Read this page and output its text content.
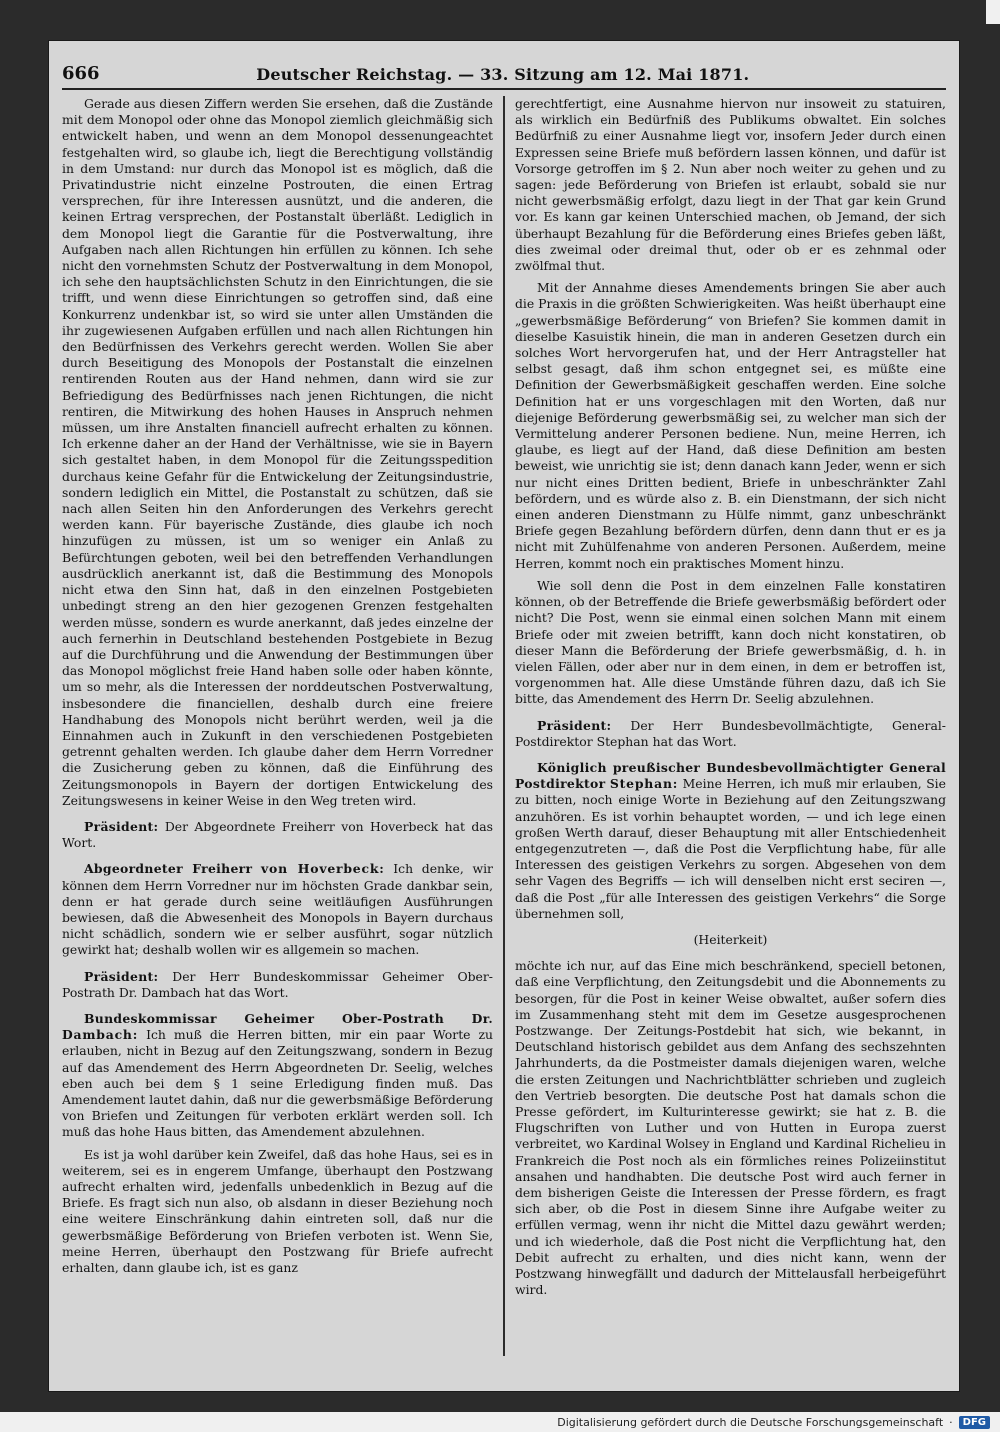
666	Deutscher Reichstag. — 33. Sitzung am 12. Mai 1871.

Gerade aus diesen Ziffern werden Sie ersehen, daß die Zustände mit dem Monopol oder ohne das Monopol ziemlich gleichmäßig sich entwickelt haben, und wenn an dem Monopol dessenungeachtet festgehalten wird, so glaube ich, liegt die Berechtigung vollständig in dem Umstand: nur durch das Monopol ist es möglich, daß die Privatindustrie nicht einzelne Postrouten, die einen Ertrag versprechen, für ihre Interessen ausnützt, und die anderen, die keinen Ertrag versprechen, der Postanstalt überläßt. Lediglich in dem Monopol liegt die Garantie für die Postverwaltung, ihre Aufgaben nach allen Richtungen hin erfüllen zu können. Ich sehe nicht den vornehmsten Schutz der Postverwaltung in dem Monopol, ich sehe den hauptsächlichsten Schutz in den Einrichtungen, die sie trifft, und wenn diese Einrichtungen so getroffen sind, daß eine Konkurrenz undenkbar ist, so wird sie unter allen Umständen die ihr zugewiesenen Aufgaben erfüllen und nach allen Richtungen hin den Bedürfnissen des Verkehrs gerecht werden. Wollen Sie aber durch Beseitigung des Monopols der Postanstalt die einzelnen rentirenden Routen aus der Hand nehmen, dann wird sie zur Befriedigung des Bedürfnisses nach jenen Richtungen, die nicht rentiren, die Mitwirkung des hohen Hauses in Anspruch nehmen müssen, um ihre Anstalten financiell aufrecht erhalten zu können. Ich erkenne daher an der Hand der Verhältnisse, wie sie in Bayern sich gestaltet haben, in dem Monopol für die Zeitungsspedition durchaus keine Gefahr für die Entwickelung der Zeitungsindustrie, sondern lediglich ein Mittel, die Postanstalt zu schützen, daß sie nach allen Seiten hin den Anforderungen des Verkehrs gerecht werden kann. Für bayerische Zustände, dies glaube ich noch hinzufügen zu müssen, ist um so weniger ein Anlaß zu Befürchtungen geboten, weil bei den betreffenden Verhandlungen ausdrücklich anerkannt ist, daß die Bestimmung des Monopols nicht etwa den Sinn hat, daß in den einzelnen Postgebieten unbedingt streng an den hier gezogenen Grenzen festgehalten werden müsse, sondern es wurde anerkannt, daß jedes einzelne der auch fernerhin in Deutschland bestehenden Postgebiete in Bezug auf die Durchführung und die Anwendung der Bestimmungen über das Monopol möglichst freie Hand haben solle oder haben könnte, um so mehr, als die Interessen der norddeutschen Postverwaltung, insbesondere die financiellen, deshalb durch eine freiere Handhabung des Monopols nicht berührt werden, weil ja die Einnahmen auch in Zukunft in den verschiedenen Postgebieten getrennt gehalten werden. Ich glaube daher dem Herrn Vorredner die Zusicherung geben zu können, daß die Einführung des Zeitungsmonopols in Bayern der dortigen Entwickelung des Zeitungswesens in keiner Weise in den Weg treten wird.

Präsident: Der Abgeordnete Freiherr von Hoverbeck hat das Wort.

Abgeordneter Freiherr von Hoverbeck: Ich denke, wir können dem Herrn Vorredner nur im höchsten Grade dankbar sein, denn er hat gerade durch seine weitläufigen Ausführungen bewiesen, daß die Abwesenheit des Monopols in Bayern durchaus nicht schädlich, sondern wie er selber ausführt, sogar nützlich gewirkt hat; deshalb wollen wir es allgemein so machen.

Präsident: Der Herr Bundeskommissar Geheimer Ober-Postrath Dr. Dambach hat das Wort.

Bundeskommissar Geheimer Ober-Postrath Dr. Dambach: Ich muß die Herren bitten, mir ein paar Worte zu erlauben, nicht in Bezug auf den Zeitungszwang, sondern in Bezug auf das Amendement des Herrn Abgeordneten Dr. Seelig, welches eben auch bei dem § 1 seine Erledigung finden muß. Das Amendement lautet dahin, daß nur die gewerbsmäßige Beförderung von Briefen und Zeitungen für verboten erklärt werden soll. Ich muß das hohe Haus bitten, das Amendement abzulehnen.

Es ist ja wohl darüber kein Zweifel, daß das hohe Haus, sei es in weiterem, sei es in engerem Umfange, überhaupt den Postzwang aufrecht erhalten wird, jedenfalls unbedenklich in Bezug auf die Briefe. Es fragt sich nun also, ob alsdann in dieser Beziehung noch eine weitere Einschränkung dahin eintreten soll, daß nur die gewerbsmäßige Beförderung von Briefen verboten ist. Wenn Sie, meine Herren, überhaupt den Postzwang für Briefe aufrecht erhalten, dann glaube ich, ist es ganz

gerechtfertigt, eine Ausnahme hiervon nur insoweit zu statuiren, als wirklich ein Bedürfniß des Publikums obwaltet. Ein solches Bedürfniß zu einer Ausnahme liegt vor, insofern Jeder durch einen Expressen seine Briefe muß befördern lassen können, und dafür ist Vorsorge getroffen im § 2. Nun aber noch weiter zu gehen und zu sagen: jede Beförderung von Briefen ist erlaubt, sobald sie nur nicht gewerbsmäßig erfolgt, dazu liegt in der That gar kein Grund vor. Es kann gar keinen Unterschied machen, ob Jemand, der sich überhaupt Bezahlung für die Beförderung eines Briefes geben läßt, dies zweimal oder dreimal thut, oder ob er es zehnmal oder zwölfmal thut.

Mit der Annahme dieses Amendements bringen Sie aber auch die Praxis in die größten Schwierigkeiten. Was heißt überhaupt eine „gewerbsmäßige Beförderung“ von Briefen? Sie kommen damit in dieselbe Kasuistik hinein, die man in anderen Gesetzen durch ein solches Wort hervorgerufen hat, und der Herr Antragsteller hat selbst gesagt, daß ihm schon entgegnet sei, es müßte eine Definition der Gewerbsmäßigkeit geschaffen werden. Eine solche Definition hat er uns vorgeschlagen mit den Worten, daß nur diejenige Beförderung gewerbsmäßig sei, zu welcher man sich der Vermittelung anderer Personen bediene. Nun, meine Herren, ich glaube, es liegt auf der Hand, daß diese Definition am besten beweist, wie unrichtig sie ist; denn danach kann Jeder, wenn er sich nur nicht eines Dritten bedient, Briefe in unbeschränkter Zahl befördern, und es würde also z. B. ein Dienstmann, der sich nicht einen anderen Dienstmann zu Hülfe nimmt, ganz unbeschränkt Briefe gegen Bezahlung befördern dürfen, denn dann thut er es ja nicht mit Zuhülfenahme von anderen Personen. Außerdem, meine Herren, kommt noch ein praktisches Moment hinzu.

Wie soll denn die Post in dem einzelnen Falle konstatiren können, ob der Betreffende die Briefe gewerbsmäßig befördert oder nicht? Die Post, wenn sie einmal einen solchen Mann mit einem Briefe oder mit zweien betrifft, kann doch nicht konstatiren, ob dieser Mann die Beförderung der Briefe gewerbsmäßig, d. h. in vielen Fällen, oder aber nur in dem einen, in dem er betroffen ist, vorgenommen hat. Alle diese Umstände führen dazu, daß ich Sie bitte, das Amendement des Herrn Dr. Seelig abzulehnen.

Präsident: Der Herr Bundesbevollmächtigte, General-Postdirektor Stephan hat das Wort.

Königlich preußischer Bundesbevollmächtigter General Postdirektor Stephan: Meine Herren, ich muß mir erlauben, Sie zu bitten, noch einige Worte in Beziehung auf den Zeitungszwang anzuhören. Es ist vorhin behauptet worden, — und ich lege einen großen Werth darauf, dieser Behauptung mit aller Entschiedenheit entgegenzutreten —, daß die Post die Verpflichtung habe, für alle Interessen des geistigen Verkehrs zu sorgen. Abgesehen von dem sehr Vagen des Begriffs — ich will denselben nicht erst seciren —, daß die Post „für alle Interessen des geistigen Verkehrs“ die Sorge übernehmen soll,

(Heiterkeit)

möchte ich nur, auf das Eine mich beschränkend, speciell betonen, daß eine Verpflichtung, den Zeitungsdebit und die Abonnements zu besorgen, für die Post in keiner Weise obwaltet, außer sofern dies im Zusammenhang steht mit dem im Gesetze ausgesprochenen Postzwange. Der Zeitungs-Postdebit hat sich, wie bekannt, in Deutschland historisch gebildet aus dem Anfang des sechszehnten Jahrhunderts, da die Postmeister damals diejenigen waren, welche die ersten Zeitungen und Nachrichtblätter schrieben und zugleich den Vertrieb besorgten. Die deutsche Post hat damals schon die Presse gefördert, im Kulturinteresse gewirkt; sie hat z. B. die Flugschriften von Luther und von Hutten in Europa zuerst verbreitet, wo Kardinal Wolsey in England und Kardinal Richelieu in Frankreich die Post noch als ein förmliches reines Polizeiinstitut ansahen und handhabten. Die deutsche Post wird auch ferner in dem bisherigen Geiste die Interessen der Presse fördern, es fragt sich aber, ob die Post in diesem Sinne ihre Aufgabe weiter zu erfüllen vermag, wenn ihr nicht die Mittel dazu gewährt werden; und ich wiederhole, daß die Post nicht die Verpflichtung hat, den Debit aufrecht zu erhalten, und dies nicht kann, wenn der Postzwang hinwegfällt und dadurch der Mittelausfall herbeigeführt wird.

Digitalisierung gefördert durch die Deutsche Forschungsgemeinschaft ·	DFG
